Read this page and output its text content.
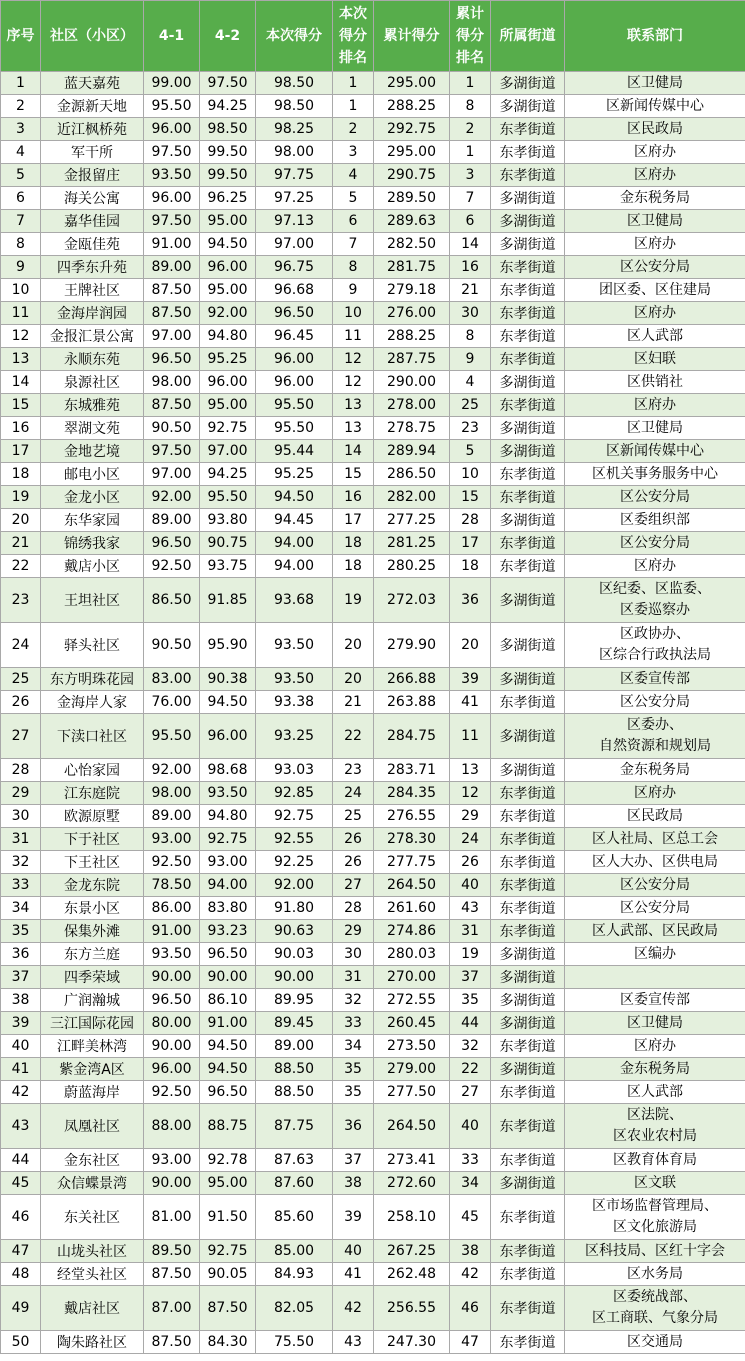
序号	社区（小区）	4-1	4-2	本次得分	本次得分排名	累计得分	累计得分排名	所属街道	联系部门
1	蓝天嘉苑	99.00	97.50	98.50	1	295.00	1	多湖街道	区卫健局
2	金源新天地	95.50	94.25	98.50	1	288.25	8	多湖街道	区新闻传媒中心
3	近江枫桥苑	96.00	98.50	98.25	2	292.75	2	东孝街道	区民政局
4	军干所	97.50	99.50	98.00	3	295.00	1	东孝街道	区府办
5	金报留庄	93.50	99.50	97.75	4	290.75	3	东孝街道	区府办
6	海关公寓	96.00	96.25	97.25	5	289.50	7	多湖街道	金东税务局
7	嘉华佳园	97.50	95.00	97.13	6	289.63	6	多湖街道	区卫健局
8	金瓯佳苑	91.00	94.50	97.00	7	282.50	14	多湖街道	区府办
9	四季东升苑	89.00	96.00	96.75	8	281.75	16	东孝街道	区公安分局
10	王牌社区	87.50	95.00	96.68	9	279.18	21	东孝街道	团区委、区住建局
11	金海岸润园	87.50	92.00	96.50	10	276.00	30	东孝街道	区府办
12	金报汇景公寓	97.00	94.80	96.45	11	288.25	8	东孝街道	区人武部
13	永顺东苑	96.50	95.25	96.00	12	287.75	9	东孝街道	区妇联
14	泉源社区	98.00	96.00	96.00	12	290.00	4	多湖街道	区供销社
15	东城雅苑	87.50	95.00	95.50	13	278.00	25	东孝街道	区府办
16	翠湖文苑	90.50	92.75	95.50	13	278.75	23	多湖街道	区卫健局
17	金地艺境	97.50	97.00	95.44	14	289.94	5	多湖街道	区新闻传媒中心
18	邮电小区	97.00	94.25	95.25	15	286.50	10	东孝街道	区机关事务服务中心
19	金龙小区	92.00	95.50	94.50	16	282.00	15	东孝街道	区公安分局
20	东华家园	89.00	93.80	94.45	17	277.25	28	多湖街道	区委组织部
21	锦绣我家	96.50	90.75	94.00	18	281.25	17	东孝街道	区公安分局
22	戴店小区	92.50	93.75	94.00	18	280.25	18	东孝街道	区府办
23	王坦社区	86.50	91.85	93.68	19	272.03	36	多湖街道	区纪委、区监委、
区委巡察办
24	驿头社区	90.50	95.90	93.50	20	279.90	20	多湖街道	区政协办、
区综合行政执法局
25	东方明珠花园	83.00	90.38	93.50	20	266.88	39	多湖街道	区委宣传部
26	金海岸人家	76.00	94.50	93.38	21	263.88	41	东孝街道	区公安分局
27	下渎口社区	95.50	96.00	93.25	22	284.75	11	多湖街道	区委办、
自然资源和规划局
28	心怡家园	92.00	98.68	93.03	23	283.71	13	多湖街道	金东税务局
29	江东庭院	98.00	93.50	92.85	24	284.35	12	东孝街道	区府办
30	欧源原墅	89.00	94.80	92.75	25	276.55	29	东孝街道	区民政局
31	下于社区	93.00	92.75	92.55	26	278.30	24	东孝街道	区人社局、区总工会
32	下王社区	92.50	93.00	92.25	26	277.75	26	东孝街道	区人大办、区供电局
33	金龙东院	78.50	94.00	92.00	27	264.50	40	东孝街道	区公安分局
34	东景小区	86.00	83.80	91.80	28	261.60	43	东孝街道	区公安分局
35	保集外滩	91.00	93.23	90.63	29	274.86	31	东孝街道	区人武部、区民政局
36	东方兰庭	93.50	96.50	90.03	30	280.03	19	多湖街道	区编办
37	四季荣域	90.00	90.00	90.00	31	270.00	37	多湖街道	
38	广润瀚城	96.50	86.10	89.95	32	272.55	35	多湖街道	区委宣传部
39	三江国际花园	80.00	91.00	89.45	33	260.45	44	多湖街道	区卫健局
40	江畔美林湾	90.00	94.50	89.00	34	273.50	32	东孝街道	区府办
41	紫金湾A区	96.00	94.50	88.50	35	279.00	22	多湖街道	金东税务局
42	蔚蓝海岸	92.50	96.50	88.50	35	277.50	27	东孝街道	区人武部
43	凤凰社区	88.00	88.75	87.75	36	264.50	40	东孝街道	区法院、
区农业农村局
44	金东社区	93.00	92.78	87.63	37	273.41	33	东孝街道	区教育体育局
45	众信蝶景湾	90.00	95.00	87.60	38	272.60	34	多湖街道	区文联
46	东关社区	81.00	91.50	85.60	39	258.10	45	东孝街道	区市场监督管理局、
区文化旅游局
47	山垅头社区	89.50	92.75	85.00	40	267.25	38	东孝街道	区科技局、区红十字会
48	经堂头社区	87.50	90.05	84.93	41	262.48	42	东孝街道	区水务局
49	戴店社区	87.00	87.50	82.05	42	256.55	46	东孝街道	区委统战部、
区工商联、气象分局
50	陶朱路社区	87.50	84.30	75.50	43	247.30	47	东孝街道	区交通局
